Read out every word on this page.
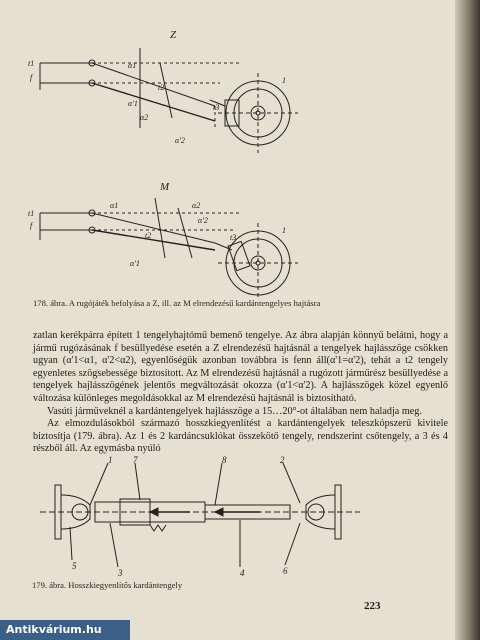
Z
M
t1
f
α1
α'1
t2
α2
α'2
t3
1
t1
f
α1	α2
t2
α'2
t3
α'1
1
178. ábra. A rugójáték befolyása a Z, ill. az M elrendezésű kardántengelyes hajtásra

zatlan kerékpárra épített 1 tengelyhajtómű bemenő tengelye. Az ábra alapján könnyű belátni, hogy a jármű rugózásának f besüllyedése esetén a Z elrendezésű hajtásnál a tengelyek hajlásszöge csökken ugyan (α'1<α1, α'2<α2), egyenlőségük azonban továbbra is fenn áll(α'1=α'2), tehát a t2 tengely egyenletes szögsebessége biztosított. Az M elrendezésű hajtásnál a rugózott járműrész besüllyedése a tengelyek hajlásszögének jelentős megváltozását okozza (α'1<α'2). A hajlásszögek közel egyenlő változása különleges megoldásokkal az M elrendezésű hajtásnál is biztosítható.

Vasúti járműveknél a kardántengelyek hajlásszöge a 15…20°-ot általában nem haladja meg.

Az elmozdulásokból származó hosszkiegyenlítést a kardántengelyek teleszkópszerű kivitele biztosítja (179. ábra). Az 1 és 2 kardáncsuklókat összekötő tengely, rendszerint csőtengely, a 3 és 4 részből áll. Az egymásba nyúló

1 7	8	2
5
3	4	6
179. ábra. Hosszkiegyenlítős kardántengely
223
Antikvárium.hu
